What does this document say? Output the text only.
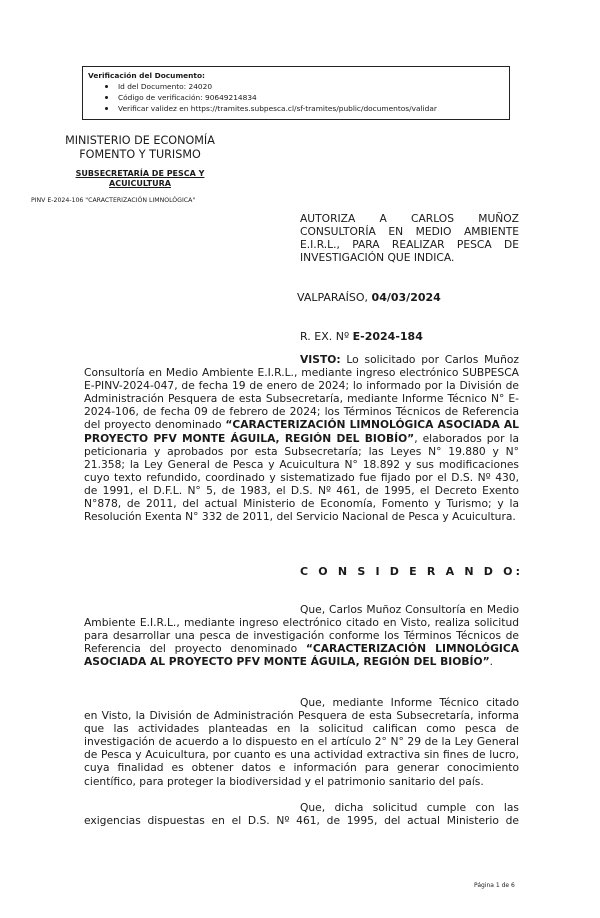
Verificación del Documento:
Id del Documento: 24020
Código de verificación: 90649214834
Verificar validez en https://tramites.subpesca.cl/sf-tramites/public/documentos/validar
MINISTERIO DE ECONOMÍA
FOMENTO Y TURISMO
SUBSECRETARÍA DE PESCA Y
ACUICULTURA
PINV E-2024-106 "CARACTERIZACIÓN LIMNOLÓGICA"
AUTORIZA A CARLOS MUÑOZ CONSULTORÍA EN MEDIO AMBIENTE E.I.R.L., PARA REALIZAR PESCA DE INVESTIGACIÓN QUE INDICA.
VALPARAÍSO, 04/03/2024
R. EX. Nº E-2024-184
VISTO: Lo solicitado por Carlos Muñoz Consultoría en Medio Ambiente E.I.R.L., mediante ingreso electrónico SUBPESCA E-PINV-2024-047, de fecha 19 de enero de 2024; lo informado por la División de Administración Pesquera de esta Subsecretaría, mediante Informe Técnico N° E-2024-106, de fecha 09 de febrero de 2024; los Términos Técnicos de Referencia del proyecto denominado “CARACTERIZACIÓN LIMNOLÓGICA ASOCIADA AL PROYECTO PFV MONTE ÁGUILA, REGIÓN DEL BIOBÍO”, elaborados por la peticionaria y aprobados por esta Subsecretaría; las Leyes N° 19.880 y N° 21.358; la Ley General de Pesca y Acuicultura N° 18.892 y sus modificaciones cuyo texto refundido, coordinado y sistematizado fue fijado por el D.S. Nº 430, de 1991, el D.F.L. N° 5, de 1983, el D.S. Nº 461, de 1995, el Decreto Exento N°878, de 2011, del actual Ministerio de Economía, Fomento y Turismo; y la Resolución Exenta N° 332 de 2011, del Servicio Nacional de Pesca y Acuicultura.
C O N S I D E R A N D O:
Que, Carlos Muñoz Consultoría en Medio Ambiente E.I.R.L., mediante ingreso electrónico citado en Visto, realiza solicitud para desarrollar una pesca de investigación conforme los Términos Técnicos de Referencia del proyecto denominado “CARACTERIZACIÓN LIMNOLÓGICA ASOCIADA AL PROYECTO PFV MONTE ÁGUILA, REGIÓN DEL BIOBÍO”.
Que, mediante Informe Técnico citado en Visto, la División de Administración Pesquera de esta Subsecretaría, informa que las actividades planteadas en la solicitud califican como pesca de investigación de acuerdo a lo dispuesto en el artículo 2° N° 29 de la Ley General de Pesca y Acuicultura, por cuanto es una actividad extractiva sin fines de lucro, cuya finalidad es obtener datos e información para generar conocimiento científico, para proteger la biodiversidad y el patrimonio sanitario del país.
Que, dicha solicitud cumple con las exigencias dispuestas en el D.S. Nº 461, de 1995, del actual Ministerio de
Página 1 de 6
